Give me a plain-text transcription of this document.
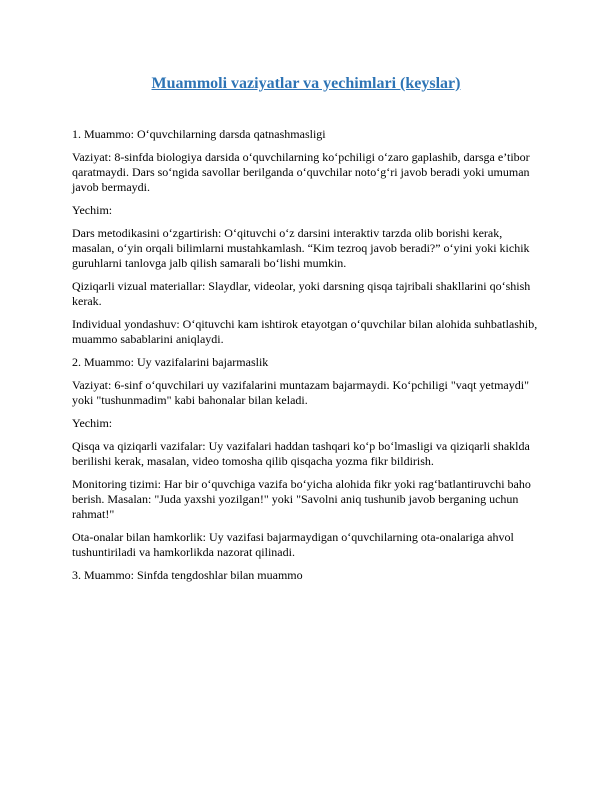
Muammoli vaziyatlar va yechimlari (keyslar)

1. Muammo: O‘quvchilarning darsda qatnashmasligi

Vaziyat: 8-sinfda biologiya darsida o‘quvchilarning ko‘pchiligi o‘zaro gaplashib, darsga e’tibor qaratmaydi. Dars so‘ngida savollar berilganda o‘quvchilar noto‘g‘ri javob beradi yoki umuman javob bermaydi.

Yechim:

Dars metodikasini o‘zgartirish: O‘qituvchi o‘z darsini interaktiv tarzda olib borishi kerak, masalan, o‘yin orqali bilimlarni mustahkamlash. “Kim tezroq javob beradi?” o‘yini yoki kichik guruhlarni tanlovga jalb qilish samarali bo‘lishi mumkin.

Qiziqarli vizual materiallar: Slaydlar, videolar, yoki darsning qisqa tajribali shakllarini qo‘shish kerak.

Individual yondashuv: O‘qituvchi kam ishtirok etayotgan o‘quvchilar bilan alohida suhbatlashib, muammo sabablarini aniqlaydi.

2. Muammo: Uy vazifalarini bajarmaslik

Vaziyat: 6-sinf o‘quvchilari uy vazifalarini muntazam bajarmaydi. Ko‘pchiligi "vaqt yetmaydi" yoki "tushunmadim" kabi bahonalar bilan keladi.

Yechim:

Qisqa va qiziqarli vazifalar: Uy vazifalari haddan tashqari ko‘p bo‘lmasligi va qiziqarli shaklda berilishi kerak, masalan, video tomosha qilib qisqacha yozma fikr bildirish.

Monitoring tizimi: Har bir o‘quvchiga vazifa bo‘yicha alohida fikr yoki rag‘batlantiruvchi baho berish. Masalan: "Juda yaxshi yozilgan!" yoki "Savolni aniq tushunib javob berganing uchun rahmat!"

Ota-onalar bilan hamkorlik: Uy vazifasi bajarmaydigan o‘quvchilarning ota-onalariga ahvol tushuntiriladi va hamkorlikda nazorat qilinadi.

3. Muammo: Sinfda tengdoshlar bilan muammo
